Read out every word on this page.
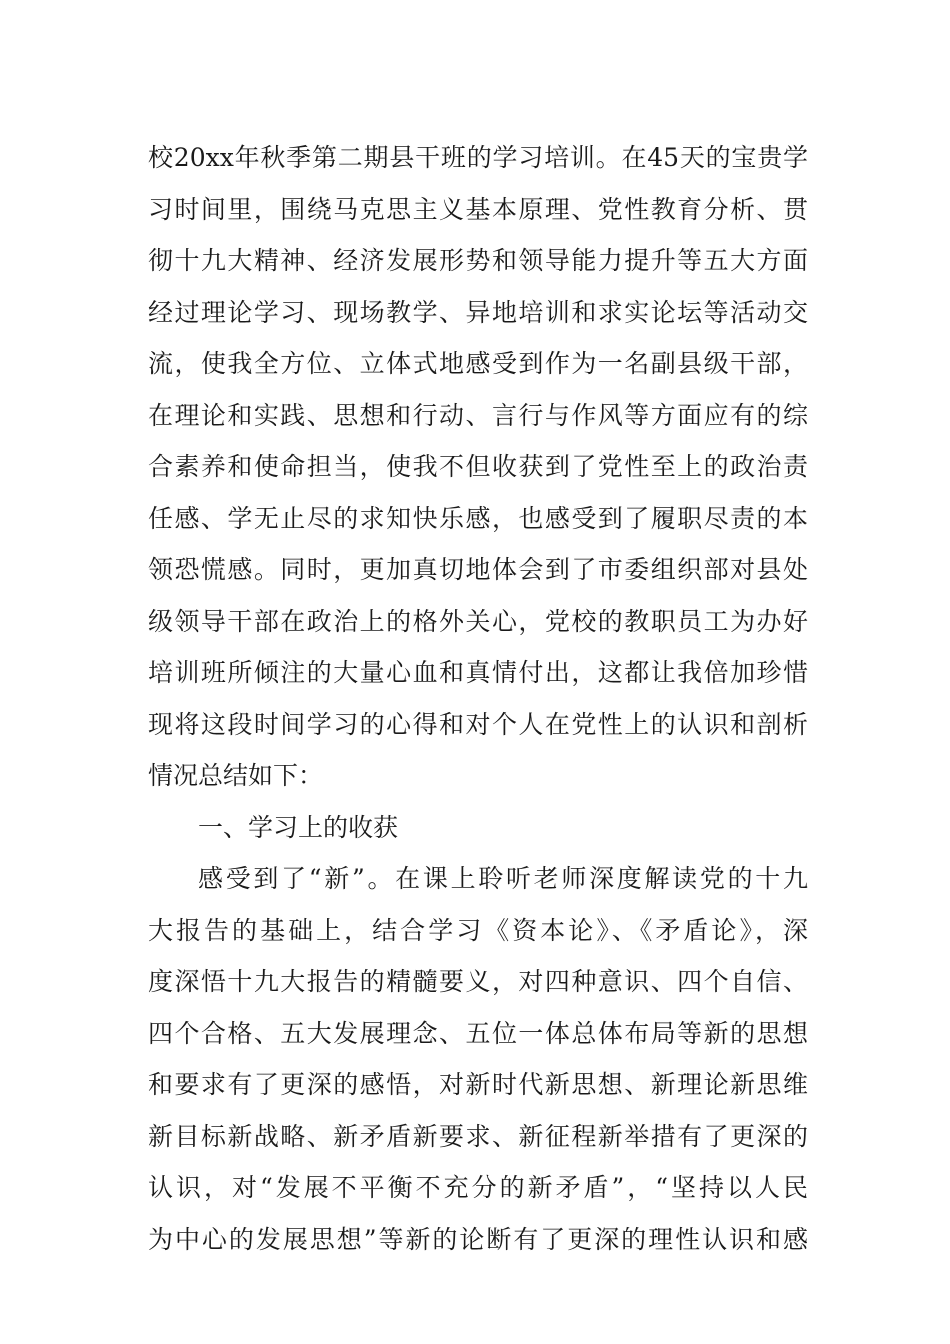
校20xx年秋季第二期县干班的学习培训。在45天的宝贵学
习时间里，围绕马克思主义基本原理、党性教育分析、贯
彻十九大精神、经济发展形势和领导能力提升等五大方面
经过理论学习、现场教学、异地培训和求实论坛等活动交
流，使我全方位、立体式地感受到作为一名副县级干部，
在理论和实践、思想和行动、言行与作风等方面应有的综
合素养和使命担当，使我不但收获到了党性至上的政治责
任感、学无止尽的求知快乐感，也感受到了履职尽责的本
领恐慌感。同时，更加真切地体会到了市委组织部对县处
级领导干部在政治上的格外关心，党校的教职员工为办好
培训班所倾注的大量心血和真情付出，这都让我倍加珍惜
现将这段时间学习的心得和对个人在党性上的认识和剖析
情况总结如下：
一、学习上的收获
感受到了“新”。在课上聆听老师深度解读党的十九
大报告的基础上，结合学习《资本论》、《矛盾论》，深
度深悟十九大报告的精髓要义，对四种意识、四个自信、
四个合格、五大发展理念、五位一体总体布局等新的思想
和要求有了更深的感悟，对新时代新思想、新理论新思维
新目标新战略、新矛盾新要求、新征程新举措有了更深的
认识，对“发展不平衡不充分的新矛盾”，“坚持以人民
为中心的发展思想”等新的论断有了更深的理性认识和感
